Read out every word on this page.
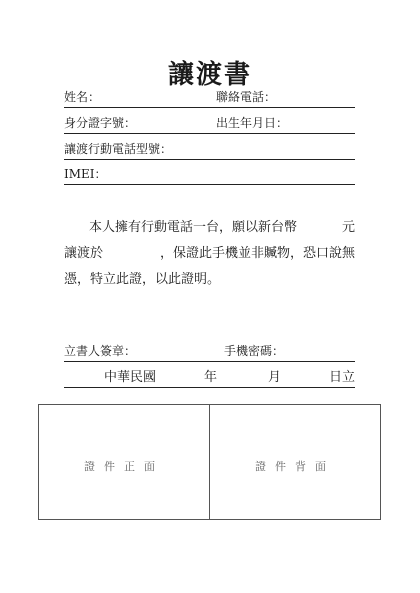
讓渡書
姓名：	聯絡電話：
身分證字號：	出生年月日：
讓渡行動電話型號：
IMEI：
本人擁有行動電話一台，願以新台幣	元
讓渡於	，保證此手機並非贓物，恐口說無
憑，特立此證，以此證明。
立書人簽章：	手機密碼：
中華民國	年	月	日立
證件正面	證件背面
